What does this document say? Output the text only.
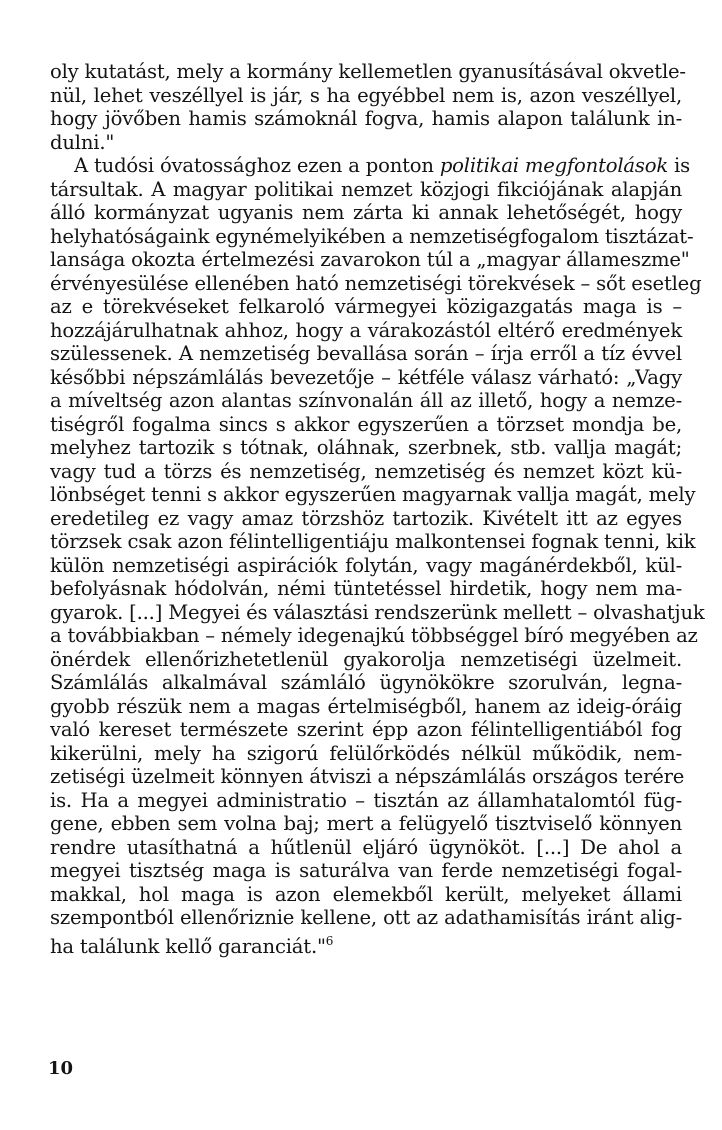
oly kutatást, mely a kormány kellemetlen gyanusításával okvetle-
nül, lehet veszéllyel is jár, s ha egyébbel nem is, azon veszéllyel,
hogy jövőben hamis számoknál fogva, hamis alapon találunk in-
dulni."
A tudósi óvatossághoz ezen a ponton politikai megfontolások is
társultak. A magyar politikai nemzet közjogi fikciójának alapján
álló kormányzat ugyanis nem zárta ki annak lehetőségét, hogy
helyhatóságaink egynémelyikében a nemzetiségfogalom tisztázat-
lansága okozta értelmezési zavarokon túl a „magyar állameszme"
érvényesülése ellenében ható nemzetiségi törekvések – sőt esetleg
az e törekvéseket felkaroló vármegyei közigazgatás maga is –
hozzájárulhatnak ahhoz, hogy a várakozástól eltérő eredmények
szülessenek. A nemzetiség bevallása során – írja erről a tíz évvel
későbbi népszámlálás bevezetője – kétféle válasz várható: „Vagy
a míveltség azon alantas színvonalán áll az illető, hogy a nemze-
tiségről fogalma sincs s akkor egyszerűen a törzset mondja be,
melyhez tartozik s tótnak, oláhnak, szerbnek, stb. vallja magát;
vagy tud a törzs és nemzetiség, nemzetiség és nemzet közt kü-
lönbséget tenni s akkor egyszerűen magyarnak vallja magát, mely
eredetileg ez vagy amaz törzshöz tartozik. Kivételt itt az egyes
törzsek csak azon félintelligentiáju malkontensei fognak tenni, kik
külön nemzetiségi aspirációk folytán, vagy magánérdekből, kül-
befolyásnak hódolván, némi tüntetéssel hirdetik, hogy nem ma-
gyarok. [...] Megyei és választási rendszerünk mellett – olvashatjuk
a továbbiakban – némely idegenajkú többséggel bíró megyében az
önérdek ellenőrizhetetlenül gyakorolja nemzetiségi üzelmeit.
Számlálás alkalmával számláló ügynökökre szorulván, legna-
gyobb részük nem a magas értelmiségből, hanem az ideig-óráig
való kereset természete szerint épp azon félintelligentiából fog
kikerülni, mely ha szigorú felülőrködés nélkül működik, nem-
zetiségi üzelmeit könnyen átviszi a népszámlálás országos terére
is. Ha a megyei administratio – tisztán az államhatalomtól füg-
gene, ebben sem volna baj; mert a felügyelő tisztviselő könnyen
rendre utasíthatná a hűtlenül eljáró ügynököt. [...] De ahol a
megyei tisztség maga is saturálva van ferde nemzetiségi fogal-
makkal, hol maga is azon elemekből került, melyeket állami
szempontból ellenőriznie kellene, ott az adathamisítás iránt alig-
ha találunk kellő garanciát."$^6$
10
